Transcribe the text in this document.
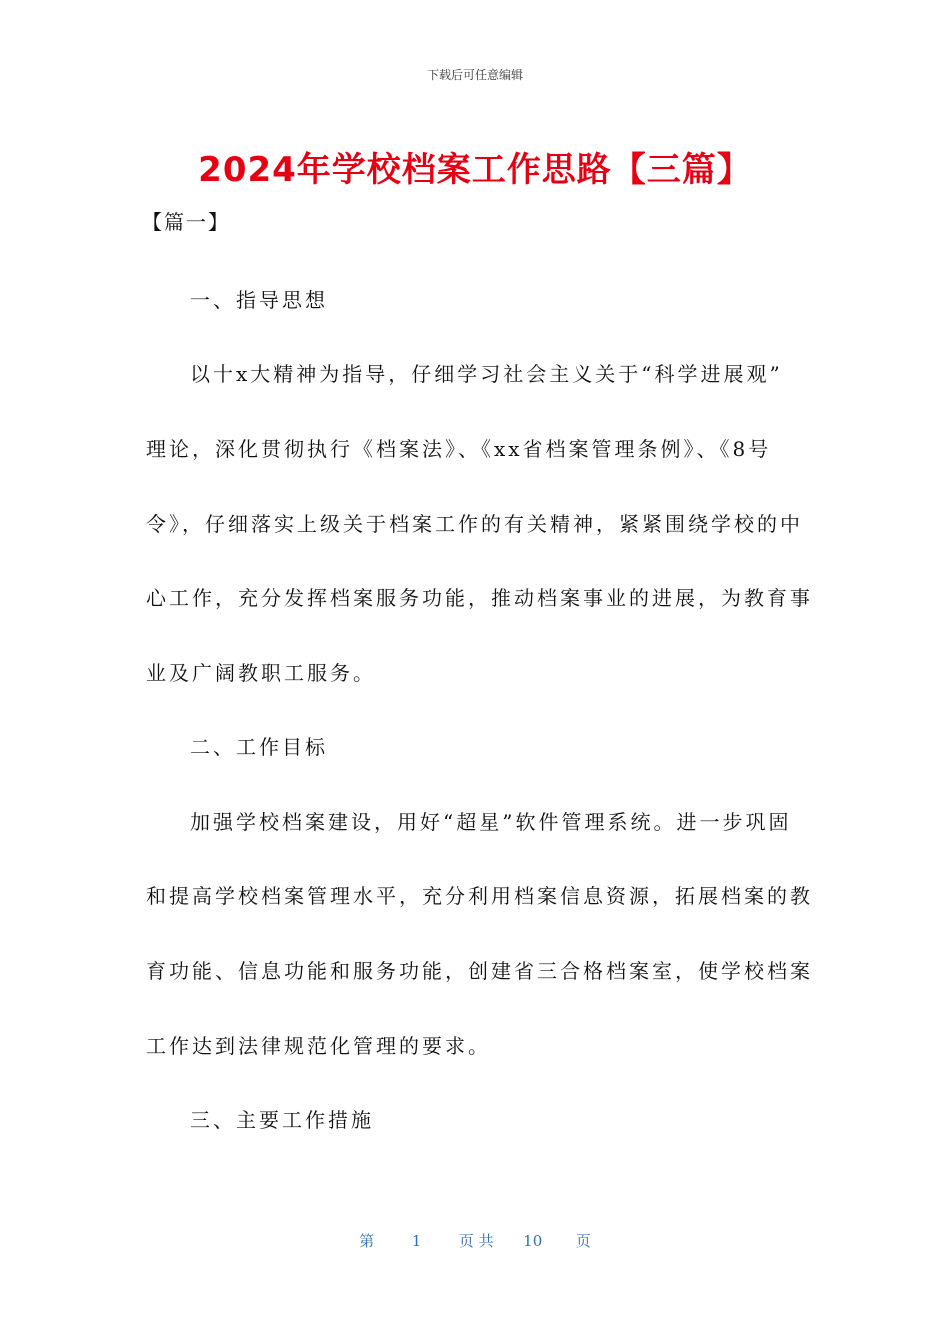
下载后可任意编辑
2024年学校档案工作思路【三篇】
【篇一】
一、指导思想
以十x大精神为指导，仔细学习社会主义关于“科学进展观”
理论，深化贯彻执行《档案法》、《xx省档案管理条例》、《8号
令》，仔细落实上级关于档案工作的有关精神，紧紧围绕学校的中
心工作，充分发挥档案服务功能，推动档案事业的进展，为教育事
业及广阔教职工服务。
二、工作目标
加强学校档案建设，用好“超星”软件管理系统。进一步巩固
和提高学校档案管理水平，充分利用档案信息资源，拓展档案的教
育功能、信息功能和服务功能，创建省三合格档案室，使学校档案
工作达到法律规范化管理的要求。
三、主要工作措施
第	1	页 共 10 页
